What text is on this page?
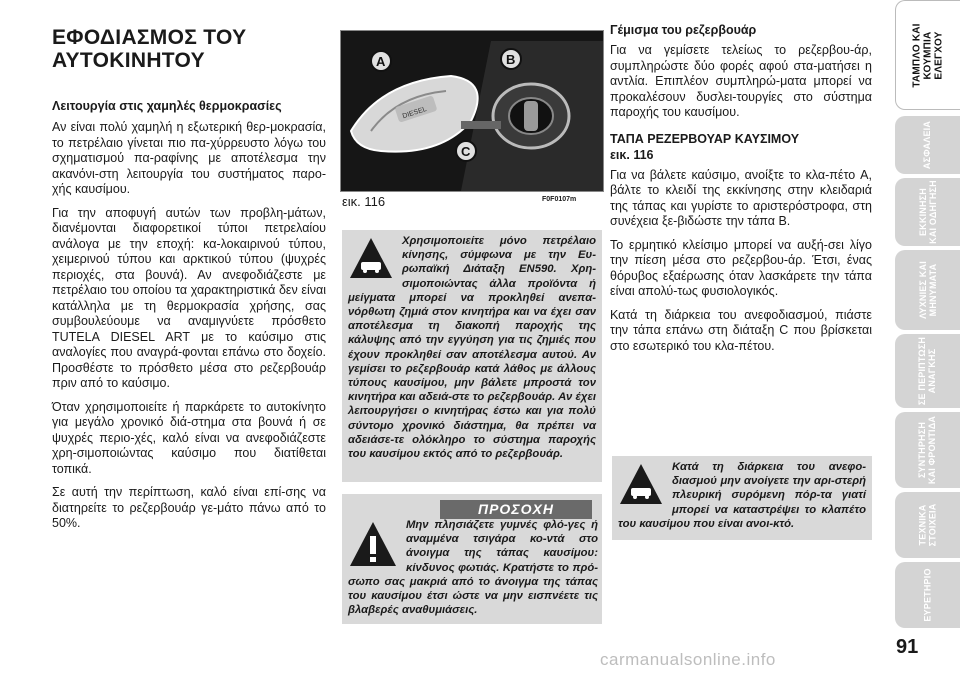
ΕΦΟΔΙΑΣΜΟΣ ΤΟΥ ΑΥΤΟΚΙΝΗΤΟΥ

Λειτουργία στις χαμηλές θερμοκρασίες

Αν είναι πολύ χαμηλή η εξωτερική θερ-μοκρασία, το πετρέλαιο γίνεται πιο πα-χύρρευστο λόγω του σχηματισμού πα-ραφίνης με αποτέλεσμα την ακανόνι-στη λειτουργία του συστήματος παρο-χής καυσίμου.

Για την αποφυγή αυτών των προβλη-μάτων, διανέμονται διαφορετικοί τύποι πετρελαίου ανάλογα με την εποχή: κα-λοκαιρινού τύπου, χειμερινού τύπου και αρκτικού τύπου (ψυχρές περιοχές, στα βουνά). Αν ανεφοδιάζεστε με πετρέλαιο του οποίου τα χαρακτηριστικά δεν είναι κατάλληλα με τη θερμοκρασία χρήσης, σας συμβουλεύουμε να αναμιγνύετε πρόσθετο TUTELA DIESEL ART με το καύσιμο στις αναλογίες που αναγρά-φονται επάνω στο δοχείο. Προσθέστε το πρόσθετο μέσα στο ρεζερβουάρ πριν από το καύσιμο.

Όταν χρησιμοποιείτε ή παρκάρετε το αυτοκίνητο για μεγάλο χρονικό διά-στημα στα βουνά ή σε ψυχρές περιο-χές, καλό είναι να ανεφοδιάζεστε χρη-σιμοποιώντας καύσιμο που διατίθεται τοπικά.

Σε αυτή την περίπτωση, καλό είναι επί-σης να διατηρείτε το ρεζερβουάρ γε-μάτο πάνω από το 50%.

DIESEL
A	B
C
εικ. 116	F0F0107m
Χρησιμοποιείτε μόνο πετρέλαιο κίνησης, σύμφωνα με την Ευ-ρωπαϊκή Διάταξη EN590. Χρη-σιμοποιώντας άλλα προϊόντα ή μείγματα μπορεί να προκληθεί ανεπα-νόρθωτη ζημιά στον κινητήρα και να έχει σαν αποτέλεσμα τη διακοπή παροχής της κάλυψης από την εγγύηση για τις ζημιές που έχουν προκληθεί σαν αποτέλεσμα αυτού. Αν γεμίσει το ρεζερβουάρ κατά λάθος με άλλους τύπους καυσίμου, μην βάλετε μπροστά τον κινητήρα και αδειά-στε το ρεζερβουάρ. Αν έχει λειτουργήσει ο κινητήρας έστω και για πολύ σύντομο χρονικό διάστημα, θα πρέπει να αδειάσε-τε ολόκληρο το σύστημα παροχής του καυσίμου εκτός από το ρεζερβουάρ.
ΠΡΟΣΟΧΗ
Μην πλησιάζετε γυμνές φλό-γες ή αναμμένα τσιγάρα κο-ντά στο άνοιγμα της τάπας καυσίμου: κίνδυνος φωτιάς. Κρατήστε το πρό-σωπο σας μακριά από το άνοιγμα της τάπας του καυσίμου έτσι ώστε να μην εισπνέετε τις βλαβερές αναθυμιάσεις.

Γέμισμα του ρεζερβουάρ

Για να γεμίσετε τελείως το ρεζερβου-άρ, συμπληρώστε δύο φορές αφού στα-ματήσει η αντλία. Επιπλέον συμπληρώ-ματα μπορεί να προκαλέσουν δυσλει-τουργίες στο σύστημα παροχής του καυσίμου.

ΤΑΠΑ ΡΕΖΕΡΒΟΥΑΡ ΚΑΥΣΙΜΟΥ

εικ. 116

Για να βάλετε καύσιμο, ανοίξτε το κλα-πέτο A, βάλτε το κλειδί της εκκίνησης στην κλειδαριά της τάπας και γυρίστε το αριστερόστροφα, στη συνέχεια ξε-βιδώστε την τάπα B.

Το ερμητικό κλείσιμο μπορεί να αυξή-σει λίγο την πίεση μέσα στο ρεζερβου-άρ. Έτσι, ένας θόρυβος εξαέρωσης όταν λασκάρετε την τάπα είναι απολύ-τως φυσιολογικός.

Κατά τη διάρκεια του ανεφοδιασμού, πιάστε την τάπα επάνω στη διάταξη C που βρίσκεται στο εσωτερικό του κλα-πέτου.

Κατά τη διάρκεια του ανεφο-διασμού μην ανοίγετε την αρι-στερή πλευρική συρόμενη πόρ-τα γιατί μπορεί να καταστρέψει το κλαπέτο του καυσίμου που είναι ανοι-κτό.
ΤΑΜΠΛΟ ΚΑΙ
ΚΟΥΜΠΙΑ
ΕΛΕΓΧΟΥ
ΑΣΦΑΛΕΙΑ
ΕΚΚΙΝΗΣΗ
ΚΑΙ ΟΔΗΓΗΣΗ
ΛΥΧΝΙΕΣ ΚΑΙ
ΜΗΝΥΜΑΤΑ
ΣΕ ΠΕΡΙΠΤΩΣΗ
ΑΝΑΓΚΗΣ
ΣΥΝΤΗΡΗΣΗ
ΚΑΙ ΦΡΟΝΤΙΔΑ
ΤΕΧΝΙΚΑ
ΣΤΟΙΧΕΙΑ
ΕΥΡΕΤΗΡΙΟ
91
carmanualsonline.info
